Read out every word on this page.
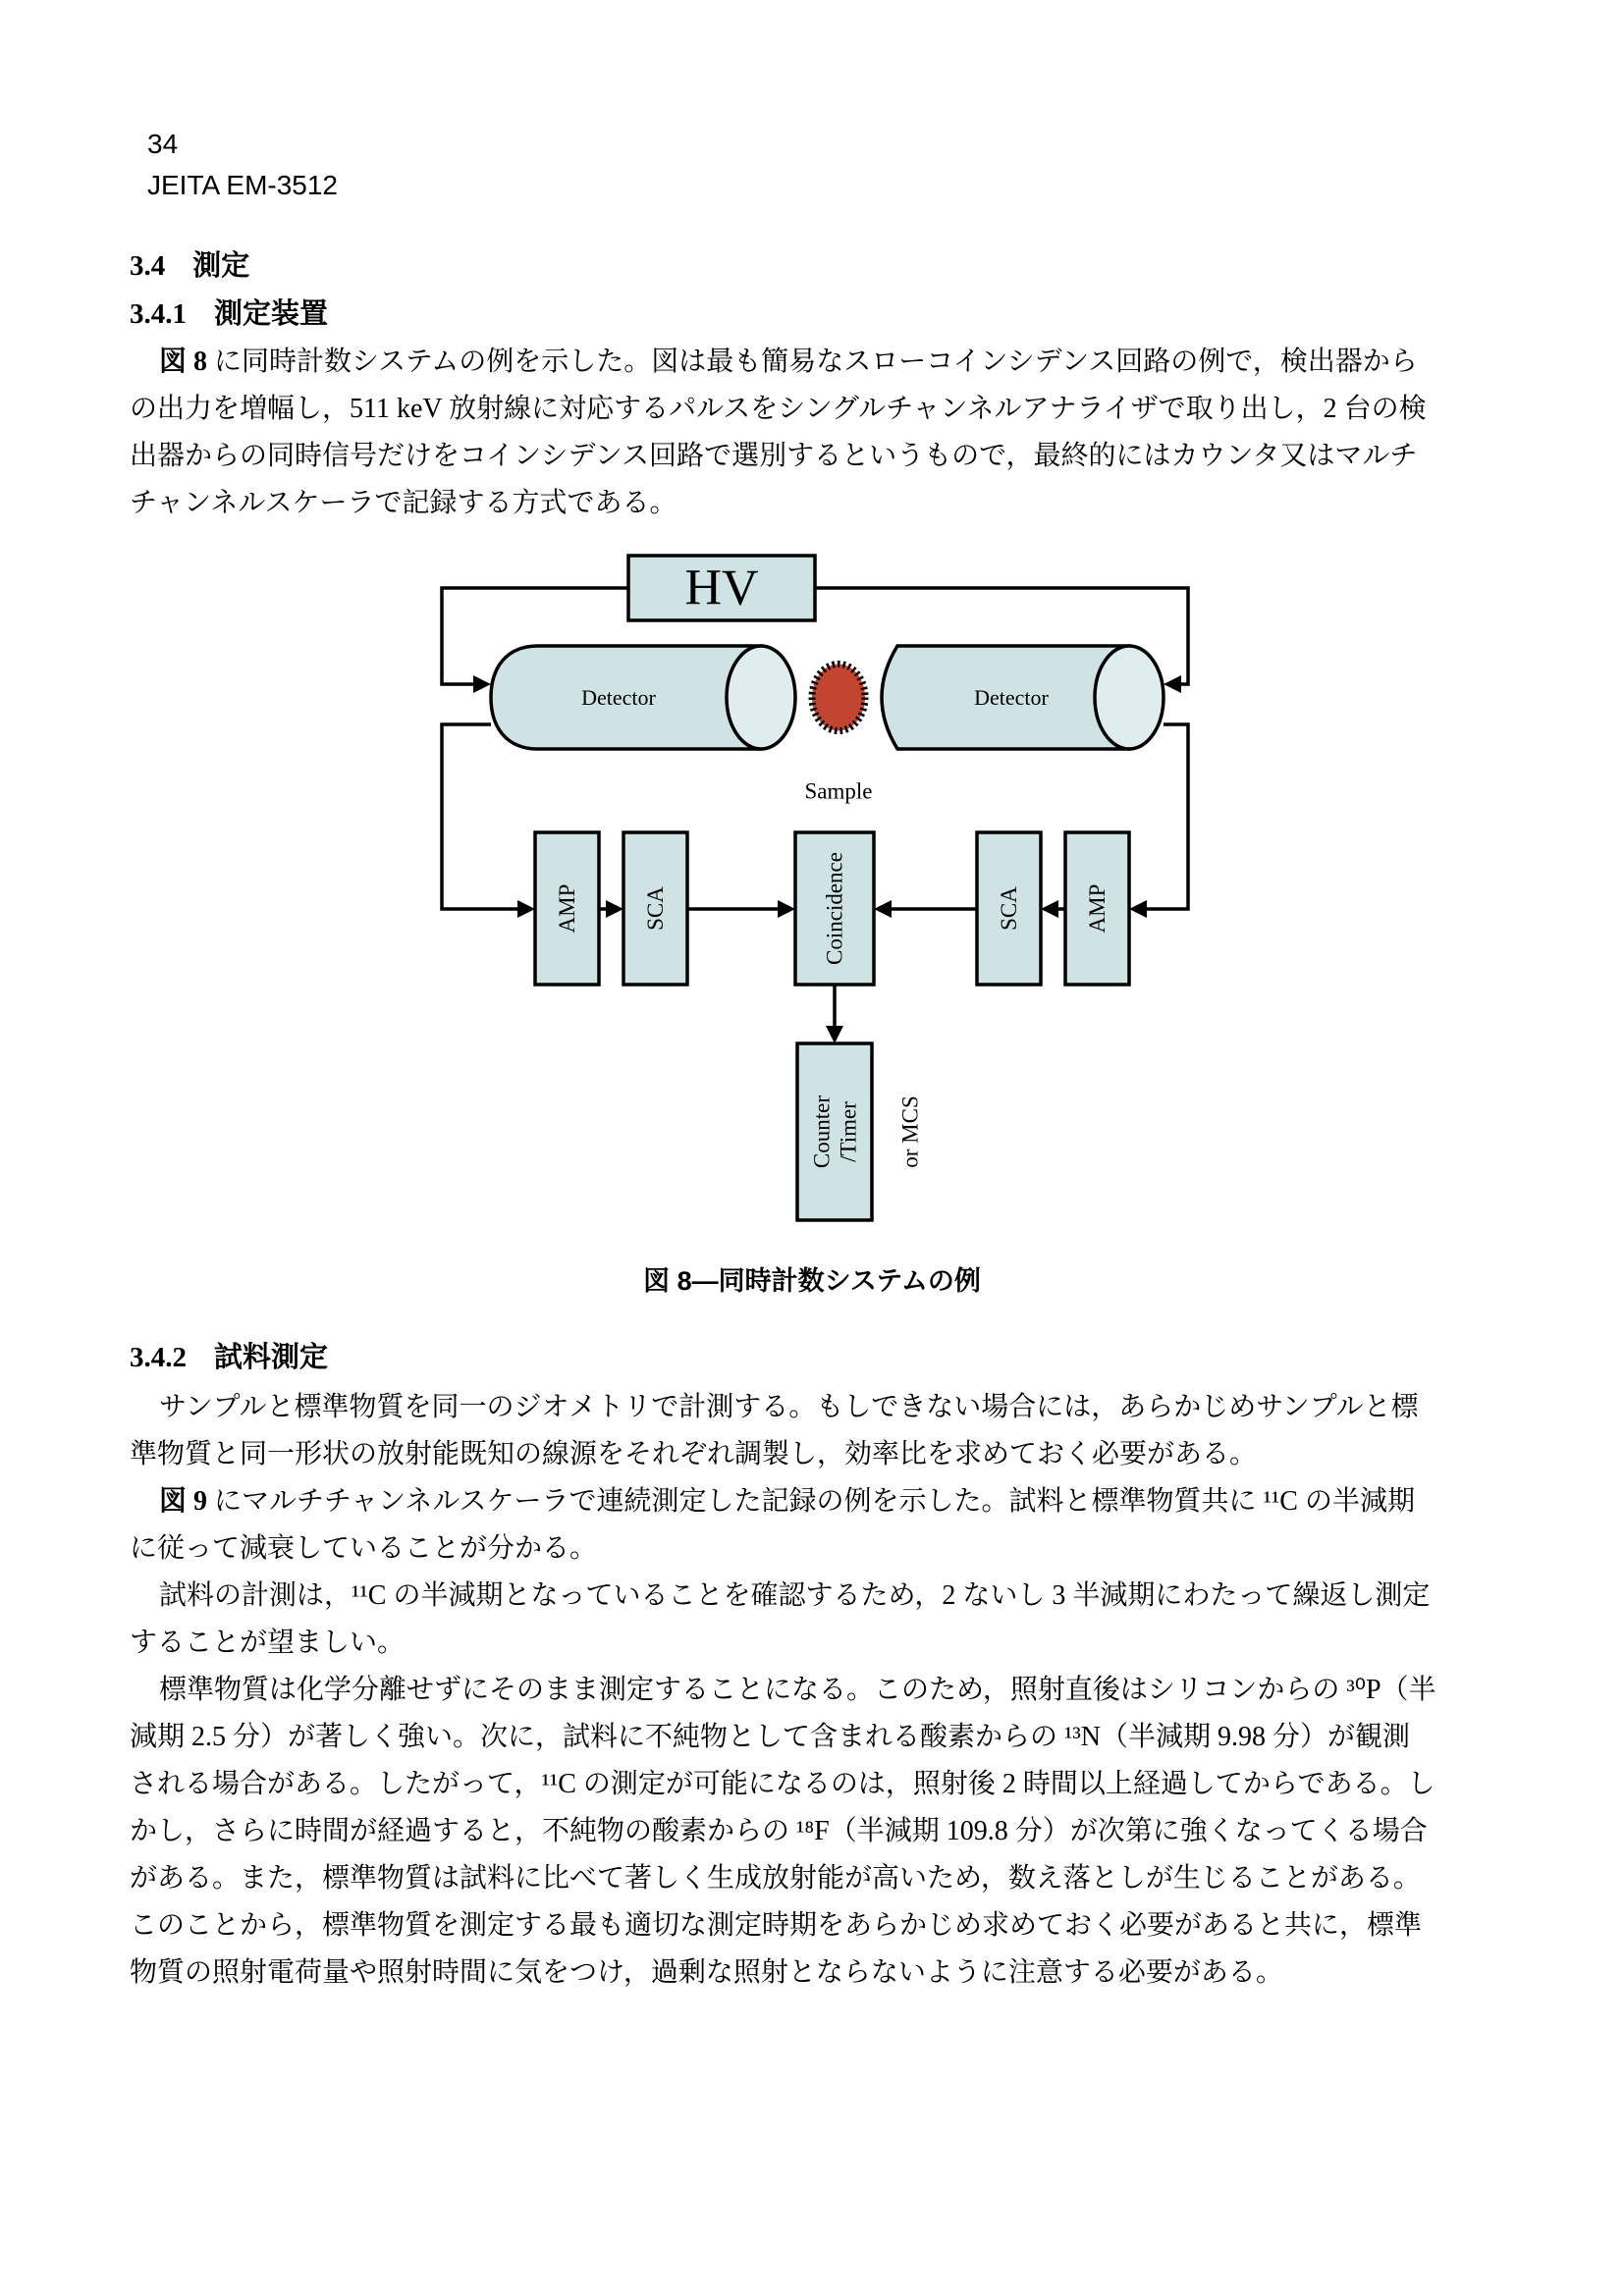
34
JEITA EM-3512
3.4 測定
3.4.1 測定装置
図 8 に同時計数システムの例を示した。図は最も簡易なスローコインシデンス回路の例で，検出器から
の出力を増幅し，511 keV 放射線に対応するパルスをシングルチャンネルアナライザで取り出し，2 台の検
出器からの同時信号だけをコインシデンス回路で選別するというもので，最終的にはカウンタ又はマルチ
チャンネルスケーラで記録する方式である。
HV
Detector	Detector
Sample
AMP	SCA	Coincidence	SCA	AMP
Counter /Timer or MCS
図 8—同時計数システムの例
3.4.2 試料測定
サンプルと標準物質を同一のジオメトリで計測する。もしできない場合には，あらかじめサンプルと標
準物質と同一形状の放射能既知の線源をそれぞれ調製し，効率比を求めておく必要がある。
図 9 にマルチチャンネルスケーラで連続測定した記録の例を示した。試料と標準物質共に ¹¹C の半減期
に従って減衰していることが分かる。
試料の計測は，¹¹C の半減期となっていることを確認するため，2 ないし 3 半減期にわたって繰返し測定
することが望ましい。
標準物質は化学分離せずにそのまま測定することになる。このため，照射直後はシリコンからの ³⁰P（半
減期 2.5 分）が著しく強い。次に，試料に不純物として含まれる酸素からの ¹³N（半減期 9.98 分）が観測
される場合がある。したがって，¹¹C の測定が可能になるのは，照射後 2 時間以上経過してからである。し
かし，さらに時間が経過すると，不純物の酸素からの ¹⁸F（半減期 109.8 分）が次第に強くなってくる場合
がある。また，標準物質は試料に比べて著しく生成放射能が高いため，数え落としが生じることがある。
このことから，標準物質を測定する最も適切な測定時期をあらかじめ求めておく必要があると共に，標準
物質の照射電荷量や照射時間に気をつけ，過剰な照射とならないように注意する必要がある。
